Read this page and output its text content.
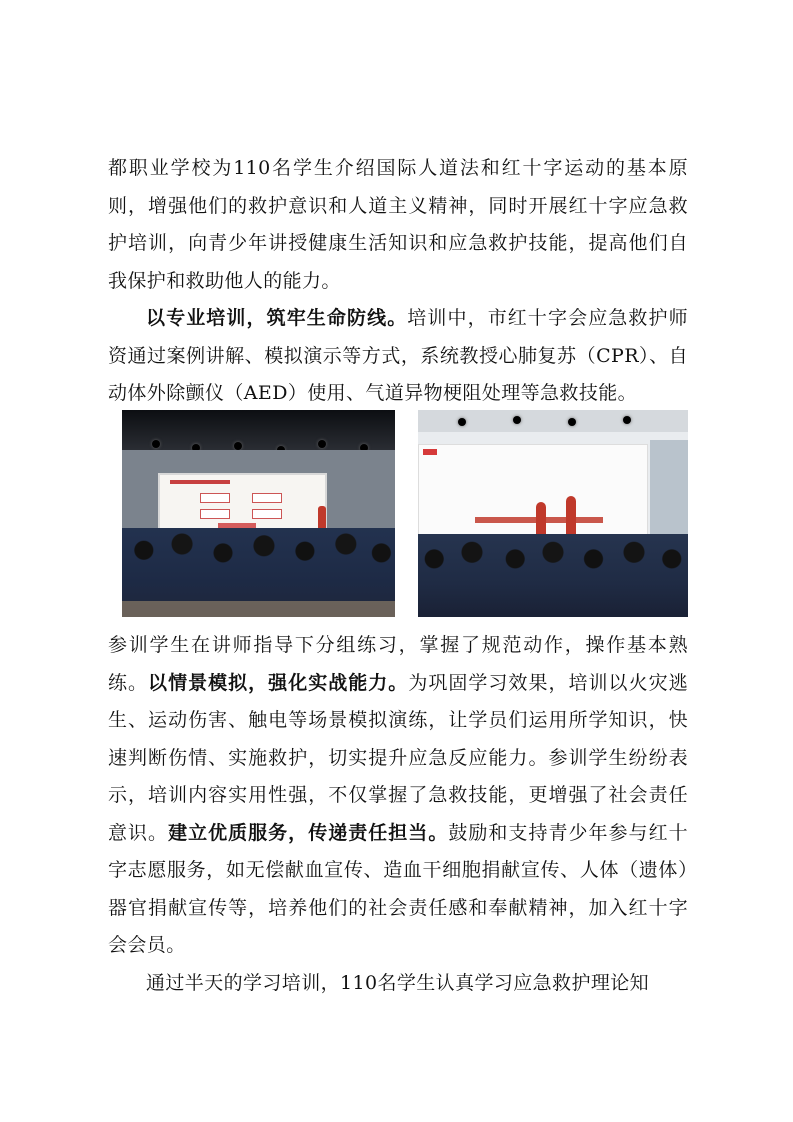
都职业学校为110名学生介绍国际人道法和红十字运动的基本原则，增强他们的救护意识和人道主义精神，同时开展红十字应急救护培训，向青少年讲授健康生活知识和应急救护技能，提高他们自我保护和救助他人的能力。

以专业培训，筑牢生命防线。培训中，市红十字会应急救护师资通过案例讲解、模拟演示等方式，系统教授心肺复苏（CPR）、自动体外除颤仪（AED）使用、气道异物梗阻处理等急救技能。

参训学生在讲师指导下分组练习，掌握了规范动作，操作基本熟练。以情景模拟，强化实战能力。为巩固学习效果，培训以火灾逃生、运动伤害、触电等场景模拟演练，让学员们运用所学知识，快速判断伤情、实施救护，切实提升应急反应能力。参训学生纷纷表示，培训内容实用性强，不仅掌握了急救技能，更增强了社会责任意识。建立优质服务，传递责任担当。鼓励和支持青少年参与红十字志愿服务，如无偿献血宣传、造血干细胞捐献宣传、人体（遗体）器官捐献宣传等，培养他们的社会责任感和奉献精神，加入红十字会会员。

通过半天的学习培训，110名学生认真学习应急救护理论知
